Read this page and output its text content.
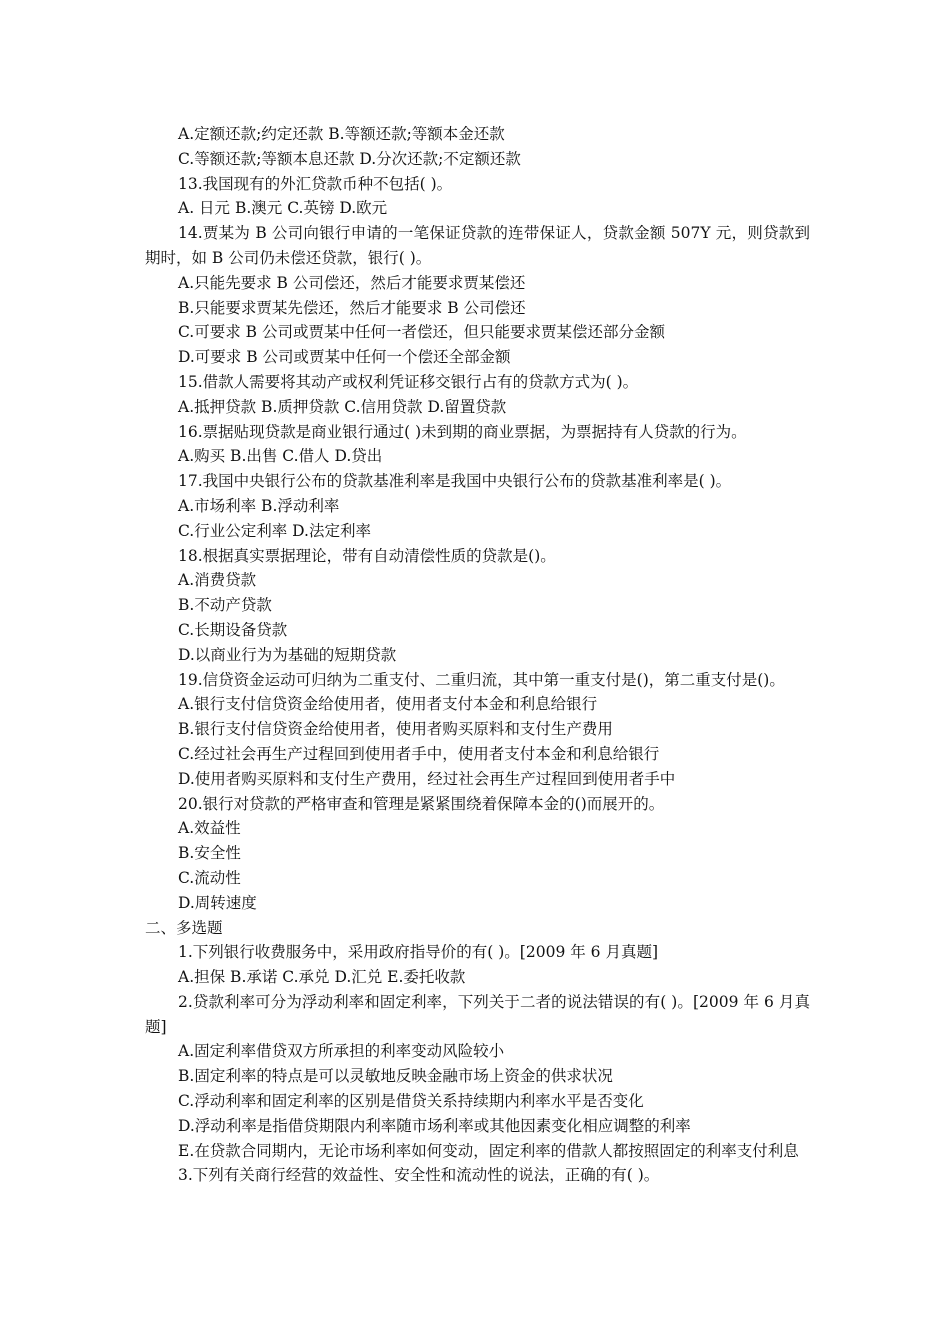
A.定额还款;约定还款 B.等额还款;等额本金还款
C.等额还款;等额本息还款 D.分次还款;不定额还款
13.我国现有的外汇贷款币种不包括( )。
A. 日元 B.澳元 C.英镑 D.欧元
14.贾某为 B 公司向银行申请的一笔保证贷款的连带保证人，贷款金额 507Y 元，则贷款到期时，如 B 公司仍未偿还贷款，银行( )。
A.只能先要求 B 公司偿还，然后才能要求贾某偿还
B.只能要求贾某先偿还，然后才能要求 B 公司偿还
C.可要求 B 公司或贾某中任何一者偿还，但只能要求贾某偿还部分金额
D.可要求 B 公司或贾某中任何一个偿还全部金额
15.借款人需要将其动产或权利凭证移交银行占有的贷款方式为( )。
A.抵押贷款 B.质押贷款 C.信用贷款 D.留置贷款
16.票据贴现贷款是商业银行通过( )未到期的商业票据，为票据持有人贷款的行为。
A.购买 B.出售 C.借人 D.贷出
17.我国中央银行公布的贷款基准利率是我国中央银行公布的贷款基准利率是( )。
A.市场利率 B.浮动利率
C.行业公定利率 D.法定利率
18.根据真实票据理论，带有自动清偿性质的贷款是()。
A.消费贷款
B.不动产贷款
C.长期设备贷款
D.以商业行为为基础的短期贷款
19.信贷资金运动可归纳为二重支付、二重归流，其中第一重支付是()，第二重支付是()。
A.银行支付信贷资金给使用者，使用者支付本金和利息给银行
B.银行支付信贷资金给使用者，使用者购买原料和支付生产费用
C.经过社会再生产过程回到使用者手中，使用者支付本金和利息给银行
D.使用者购买原料和支付生产费用，经过社会再生产过程回到使用者手中
20.银行对贷款的严格审查和管理是紧紧围绕着保障本金的()而展开的。
A.效益性
B.安全性
C.流动性
D.周转速度
二、多选题
1.下列银行收费服务中，采用政府指导价的有( )。[2009 年 6 月真题]
A.担保 B.承诺 C.承兑 D.汇兑 E.委托收款
2.贷款利率可分为浮动利率和固定利率，下列关于二者的说法错误的有( )。[2009 年 6 月真题]
A.固定利率借贷双方所承担的利率变动风险较小
B.固定利率的特点是可以灵敏地反映金融市场上资金的供求状况
C.浮动利率和固定利率的区别是借贷关系持续期内利率水平是否变化
D.浮动利率是指借贷期限内利率随市场利率或其他因素变化相应调整的利率
E.在贷款合同期内，无论市场利率如何变动，固定利率的借款人都按照固定的利率支付利息
3.下列有关商行经营的效益性、安全性和流动性的说法，正确的有( )。
